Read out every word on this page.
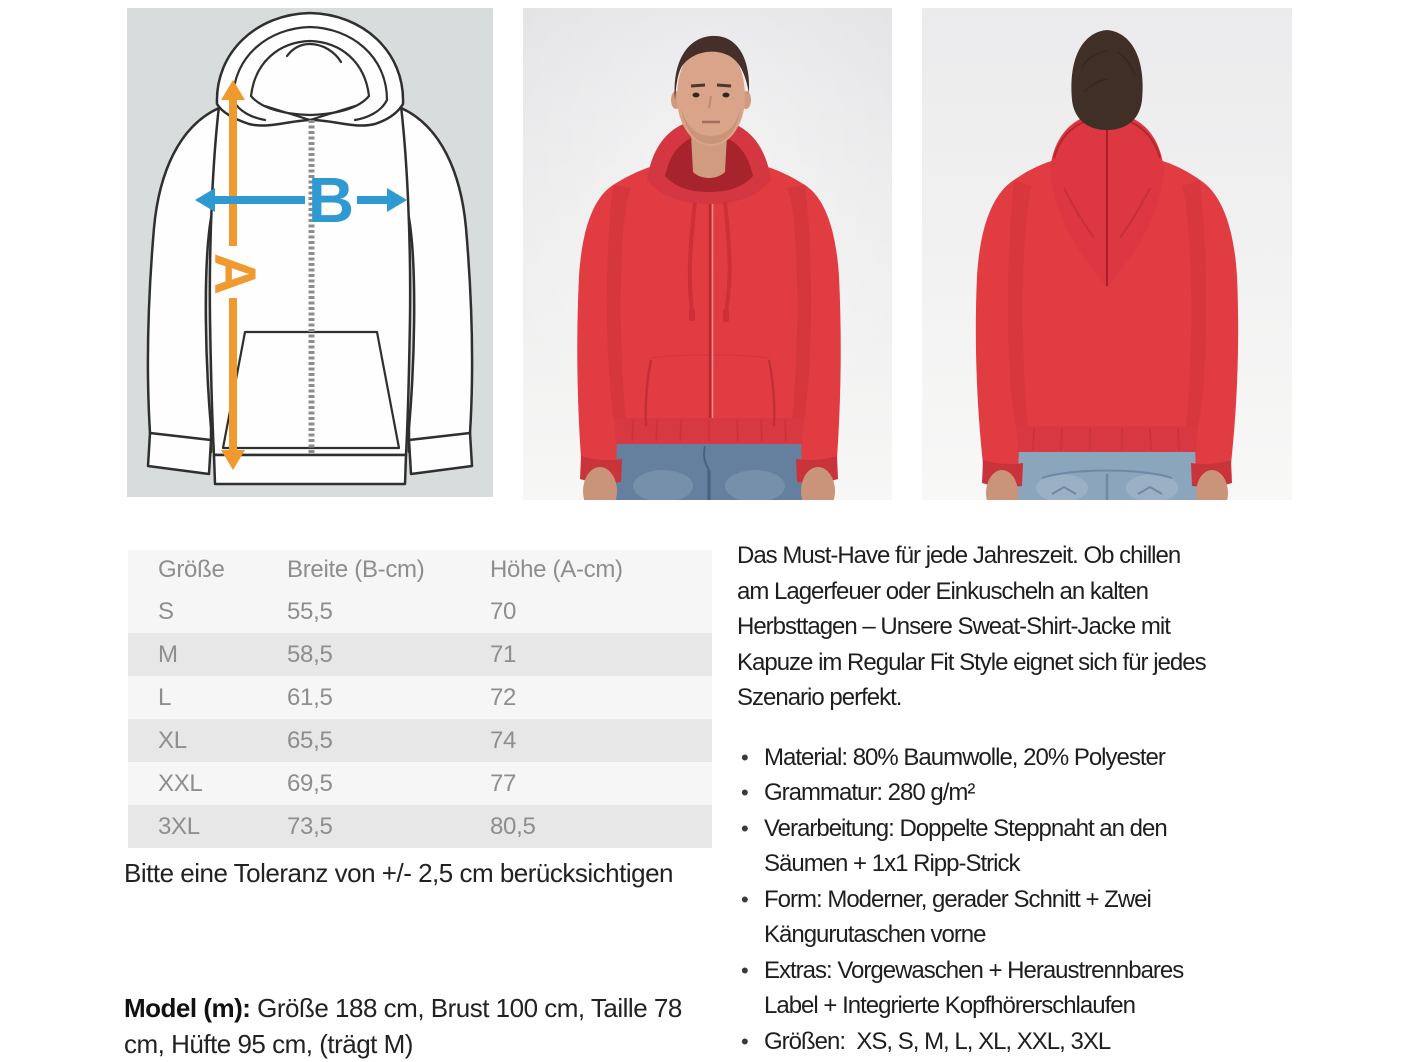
A
B
Größe	Breite (B-cm)	Höhe (A-cm)
S	55,5	70
M	58,5	71
L	61,5	72
XL	65,5	74
XXL	69,5	77
3XL	73,5	80,5

Bitte eine Toleranz von +/- 2,5 cm berücksichtigen

Model (m): Größe 188 cm, Brust 100 cm, Taille 78 cm, Hüfte 95 cm, (trägt M)

Das Must-Have für jede Jahreszeit. Ob chillen am Lagerfeuer oder Einkuscheln an kalten Herbsttagen – Unsere Sweat-Shirt-Jacke mit Kapuze im Regular Fit Style eignet sich für jedes Szenario perfekt.

• Material: 80% Baumwolle, 20% Polyester
• Grammatur: 280 g/m²
• Verarbeitung: Doppelte Steppnaht an den Säumen + 1x1 Ripp-Strick
• Form: Moderner, gerader Schnitt + Zwei Kängurutaschen vorne
• Extras: Vorgewaschen + Heraustrennbares Label + Integrierte Kopfhörerschlaufen
• Größen:  XS, S, M, L, XL, XXL, 3XL
